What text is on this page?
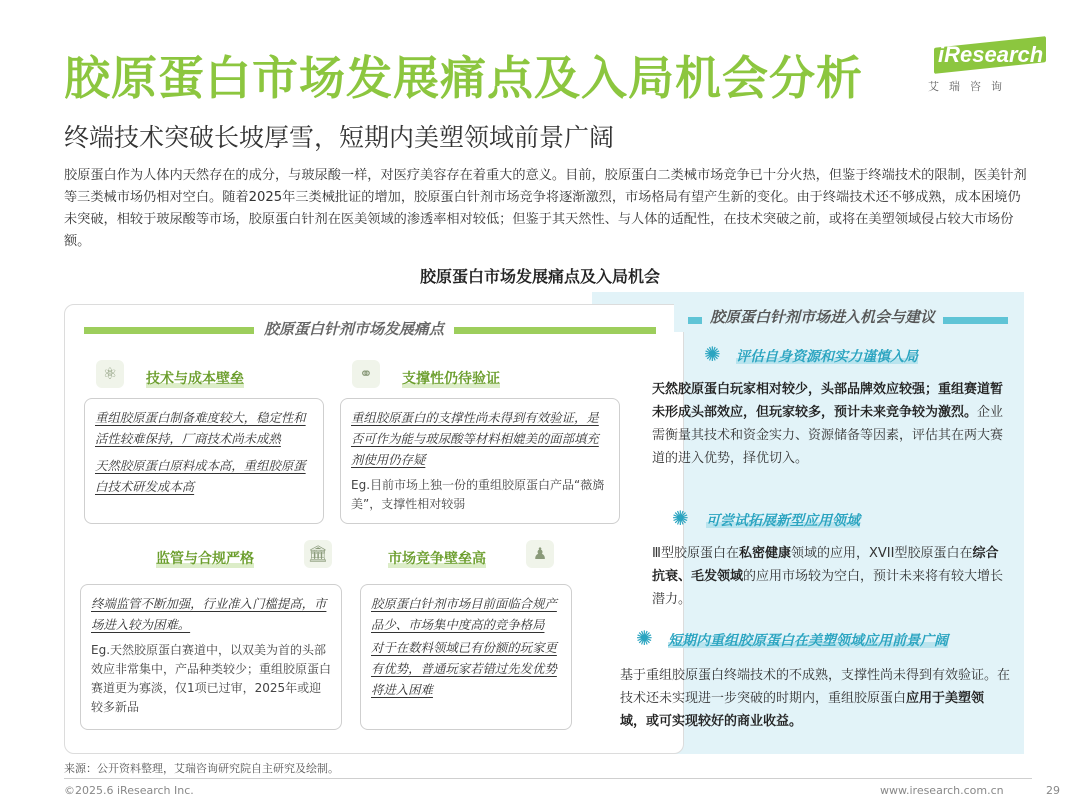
胶原蛋白市场发展痛点及入局机会分析	iResearch
艾瑞咨询
终端技术突破长坡厚雪，短期内美塑领域前景广阔
胶原蛋白作为人体内天然存在的成分，与玻尿酸一样，对医疗美容存在着重大的意义。目前，胶原蛋白二类械市场竞争已十分火热，但鉴于终端技术的限制，医美针剂等三类械市场仍相对空白。随着2025年三类械批证的增加，胶原蛋白针剂市场竞争将逐渐激烈，市场格局有望产生新的变化。由于终端技术还不够成熟，成本困境仍未突破，相较于玻尿酸等市场，胶原蛋白针剂在医美领域的渗透率相对较低；但鉴于其天然性、与人体的适配性，在技术突破之前，或将在美塑领域侵占较大市场份额。
胶原蛋白市场发展痛点及入局机会
胶原蛋白针剂市场发展痛点
⚛	技术与成本壁垒
重组胶原蛋白制备难度较大，稳定性和活性较难保持，厂商技术尚未成熟
天然胶原蛋白原料成本高，重组胶原蛋白技术研发成本高
⚭	支撑性仍待验证
重组胶原蛋白的支撑性尚未得到有效验证，是否可作为能与玻尿酸等材料相媲美的面部填充剂使用仍存疑
Eg.目前市场上独一份的重组胶原蛋白产品“薇旖美”，支撑性相对较弱
监管与合规严格	🏛
终端监管不断加强，行业准入门槛提高，市场进入较为困难。
Eg.天然胶原蛋白赛道中，以双美为首的头部效应非常集中，产品种类较少；重组胶原蛋白赛道更为寡淡，仅1项已过审，2025年或迎较多新品
市场竞争壁垒高	♟
胶原蛋白针剂市场目前面临合规产品少、市场集中度高的竞争格局
对于在数料领域已有份额的玩家更有优势，普通玩家若错过先发优势将进入困难
胶原蛋白针剂市场进入机会与建议
✺ 评估自身资源和实力谨慎入局
天然胶原蛋白玩家相对较少，头部品牌效应较强；重组赛道暂未形成头部效应，但玩家较多，预计未来竞争较为激烈。企业需衡量其技术和资金实力、资源储备等因素，评估其在两大赛道的进入优势，择优切入。
✺ 可尝试拓展新型应用领域
Ⅲ型胶原蛋白在私密健康领域的应用，XVII型胶原蛋白在综合抗衰、毛发领域的应用市场较为空白，预计未来将有较大增长潜力。
✺ 短期内重组胶原蛋白在美塑领域应用前景广阔
基于重组胶原蛋白终端技术的不成熟，支撑性尚未得到有效验证。在技术还未实现进一步突破的时期内，重组胶原蛋白应用于美塑领域，或可实现较好的商业收益。
来源：公开资料整理，艾瑞咨询研究院自主研究及绘制。
©2025.6 iResearch Inc.	www.iresearch.com.cn	29
